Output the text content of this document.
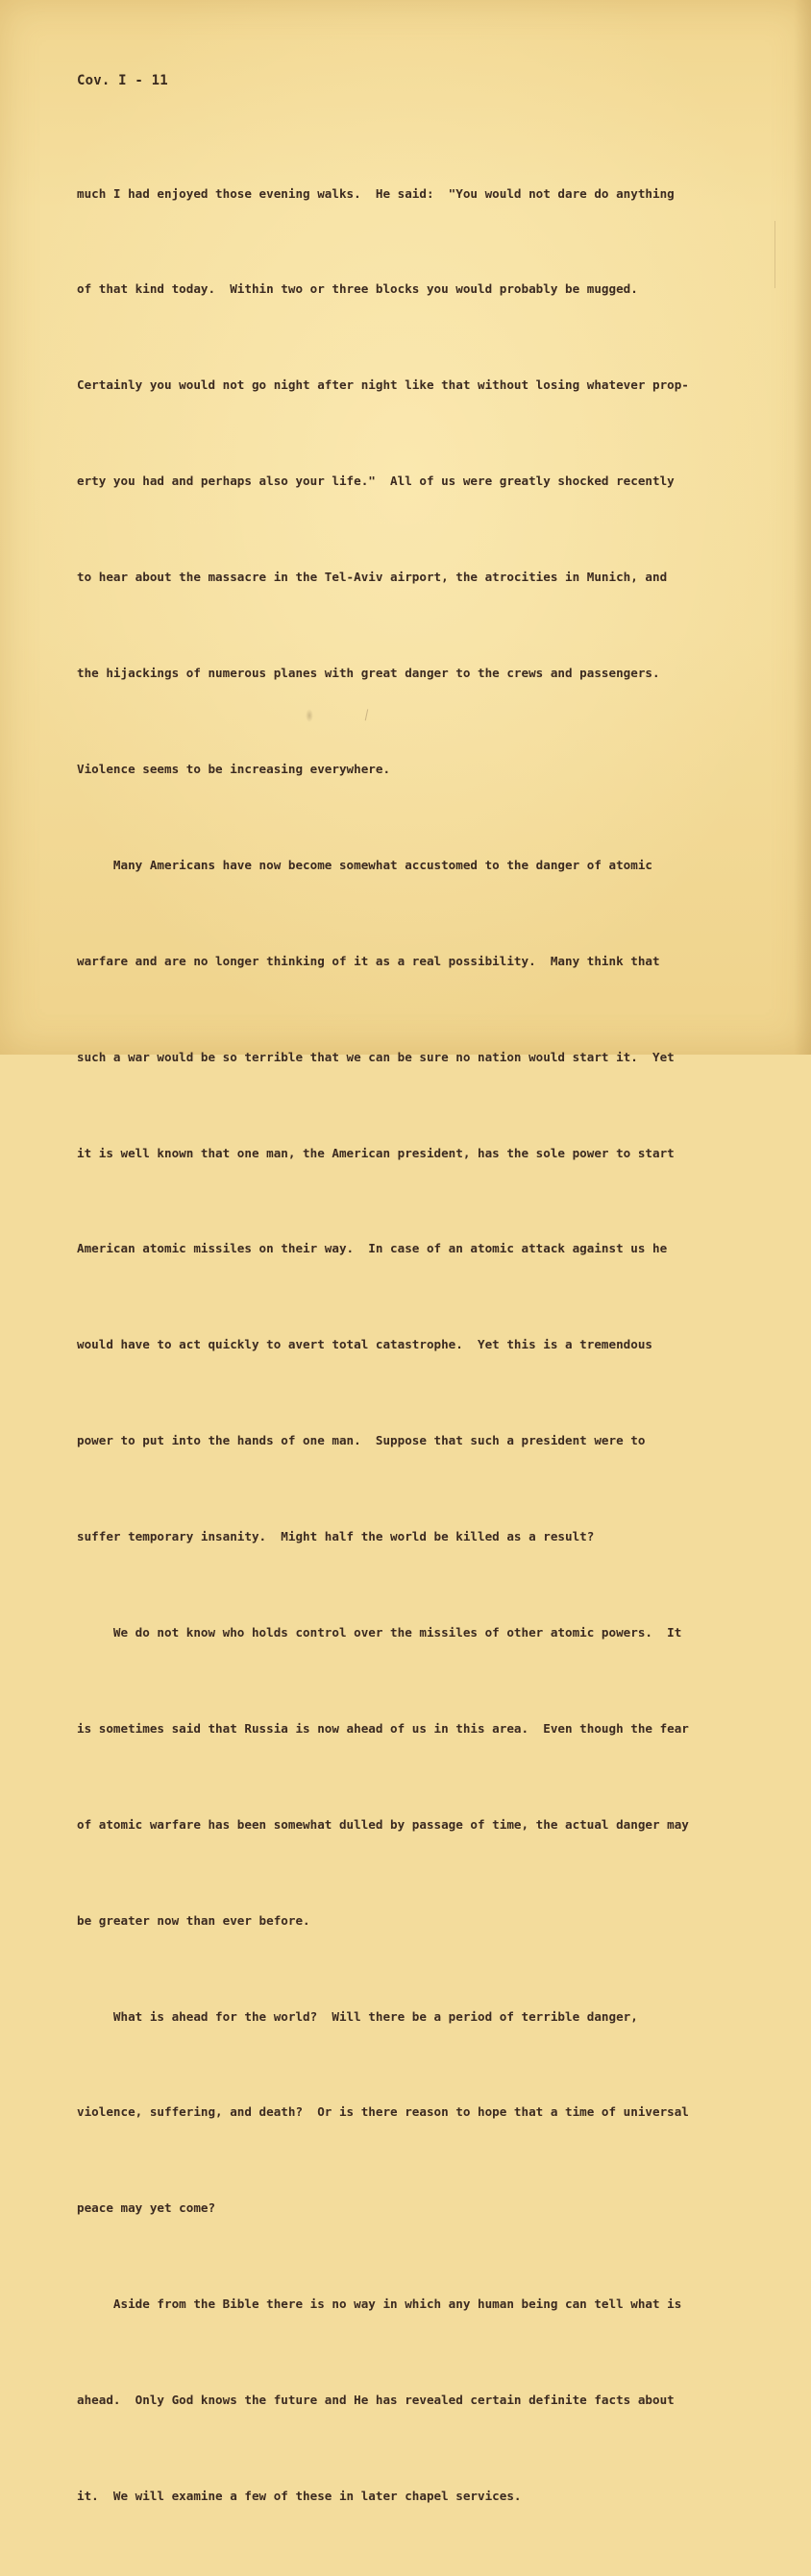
Cov. I - 11

much I had enjoyed those evening walks.  He said:  "You would not dare do anything

of that kind today.  Within two or three blocks you would probably be mugged.

Certainly you would not go night after night like that without losing whatever prop-

erty you had and perhaps also your life."  All of us were greatly shocked recently

to hear about the massacre in the Tel-Aviv airport, the atrocities in Munich, and

the hijackings of numerous planes with great danger to the crews and passengers.

Violence seems to be increasing everywhere.

Many Americans have now become somewhat accustomed to the danger of atomic

warfare and are no longer thinking of it as a real possibility.  Many think that

such a war would be so terrible that we can be sure no nation would start it.  Yet

it is well known that one man, the American president, has the sole power to start

American atomic missiles on their way.  In case of an atomic attack against us he

would have to act quickly to avert total catastrophe.  Yet this is a tremendous

power to put into the hands of one man.  Suppose that such a president were to

suffer temporary insanity.  Might half the world be killed as a result?

We do not know who holds control over the missiles of other atomic powers.  It

is sometimes said that Russia is now ahead of us in this area.  Even though the fear

of atomic warfare has been somewhat dulled by passage of time, the actual danger may

be greater now than ever before.

What is ahead for the world?  Will there be a period of terrible danger,

violence, suffering, and death?  Or is there reason to hope that a time of universal

peace may yet come?

Aside from the Bible there is no way in which any human being can tell what is

ahead.  Only God knows the future and He has revealed certain definite facts about

it.  We will examine a few of these in later chapel services.
